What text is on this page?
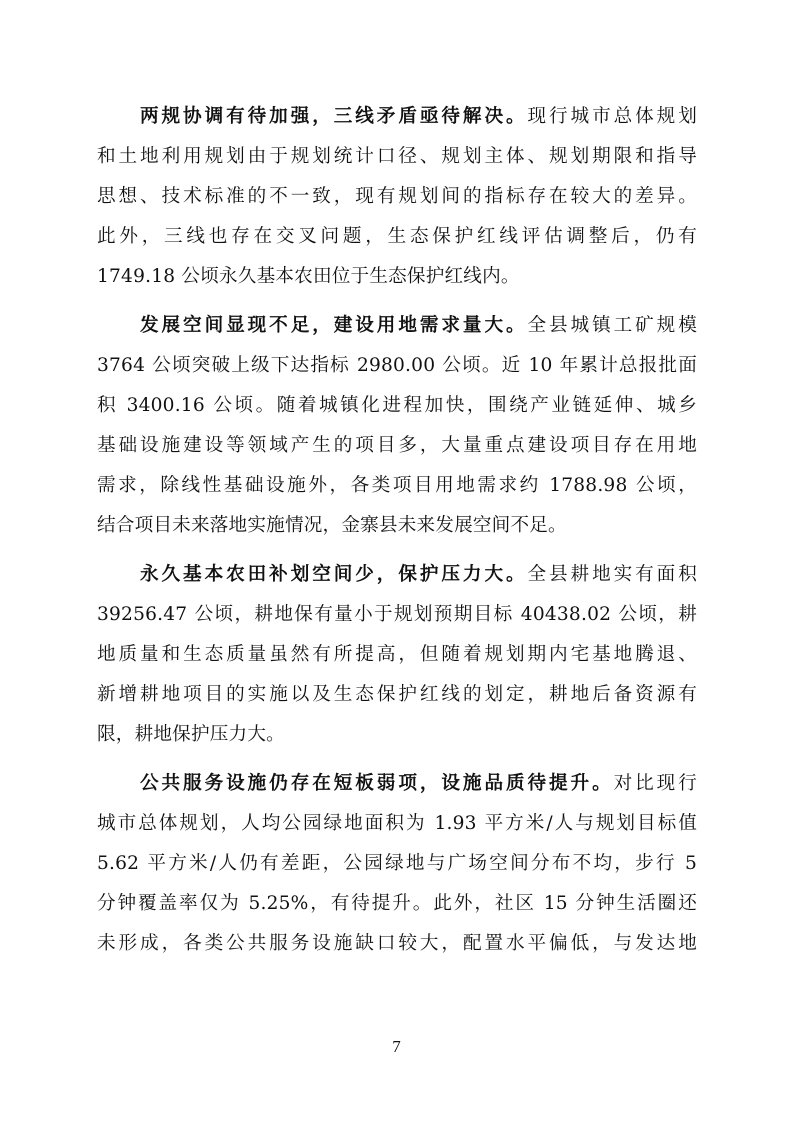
两规协调有待加强，三线矛盾亟待解决。现行城市总体规划
和土地利用规划由于规划统计口径、规划主体、规划期限和指导
思想、技术标准的不一致，现有规划间的指标存在较大的差异。
此外，三线也存在交叉问题，生态保护红线评估调整后，仍有
1749.18 公顷永久基本农田位于生态保护红线内。
发展空间显现不足，建设用地需求量大。全县城镇工矿规模
3764 公顷突破上级下达指标 2980.00 公顷。近 10 年累计总报批面
积 3400.16 公顷。随着城镇化进程加快，围绕产业链延伸、城乡
基础设施建设等领域产生的项目多，大量重点建设项目存在用地
需求，除线性基础设施外，各类项目用地需求约 1788.98 公顷，
结合项目未来落地实施情况，金寨县未来发展空间不足。
永久基本农田补划空间少，保护压力大。全县耕地实有面积
39256.47 公顷，耕地保有量小于规划预期目标 40438.02 公顷，耕
地质量和生态质量虽然有所提高，但随着规划期内宅基地腾退、
新增耕地项目的实施以及生态保护红线的划定，耕地后备资源有
限，耕地保护压力大。
公共服务设施仍存在短板弱项，设施品质待提升。对比现行
城市总体规划，人均公园绿地面积为 1.93 平方米/人与规划目标值
5.62 平方米/人仍有差距，公园绿地与广场空间分布不均，步行 5
分钟覆盖率仅为 5.25%，有待提升。此外，社区 15 分钟生活圈还
未形成，各类公共服务设施缺口较大，配置水平偏低，与发达地
7
